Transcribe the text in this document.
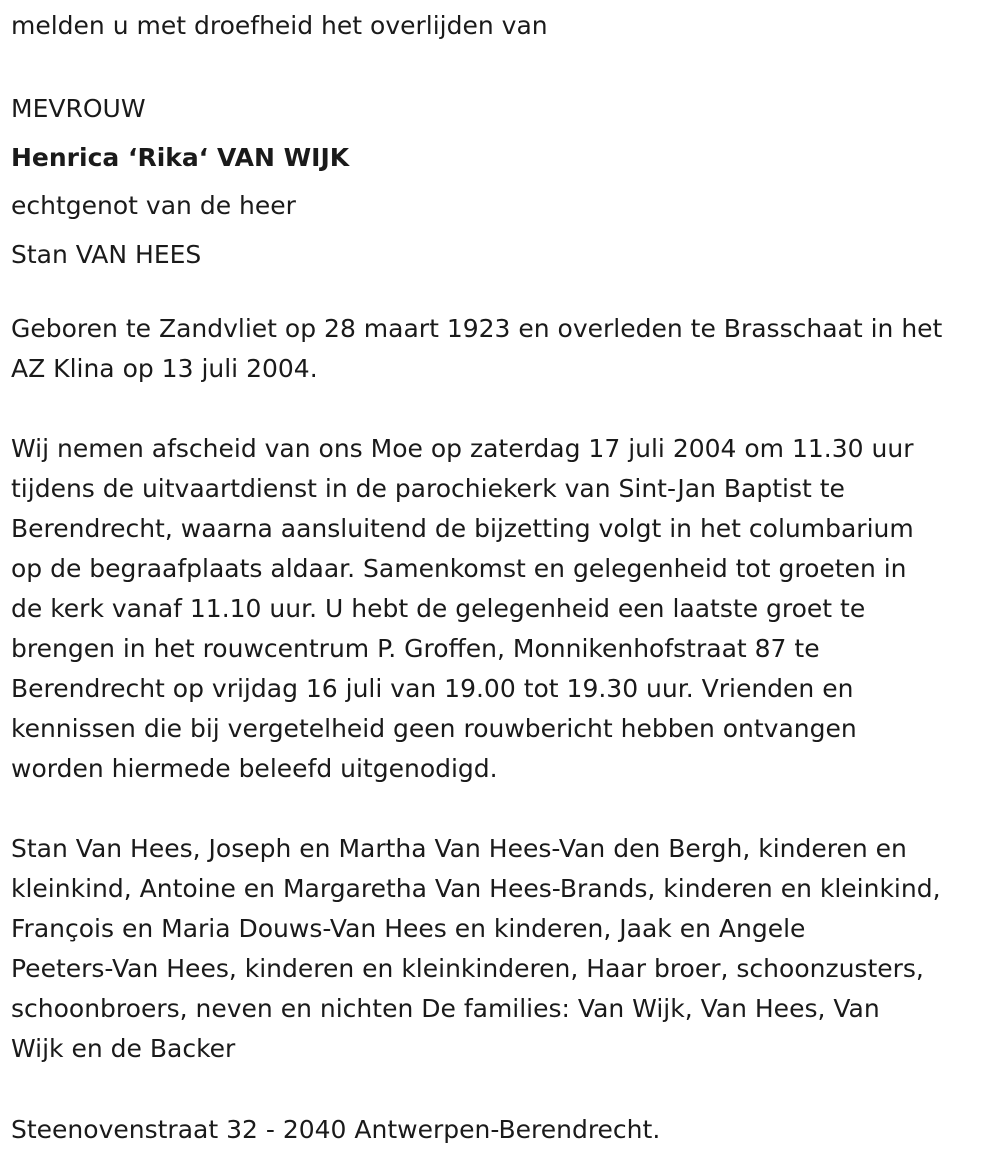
melden u met droefheid het overlijden van

MEVROUW

Henrica ‘Rika‘ VAN WIJK

echtgenot van de heer

Stan VAN HEES

Geboren te Zandvliet op 28 maart 1923 en overleden te Brasschaat in het
AZ Klina op 13 juli 2004.

Wij nemen afscheid van ons Moe op zaterdag 17 juli 2004 om 11.30 uur
tijdens de uitvaartdienst in de parochiekerk van Sint-Jan Baptist te
Berendrecht, waarna aansluitend de bijzetting volgt in het columbarium
op de begraafplaats aldaar. Samenkomst en gelegenheid tot groeten in
de kerk vanaf 11.10 uur. U hebt de gelegenheid een laatste groet te
brengen in het rouwcentrum P. Groffen, Monnikenhofstraat 87 te
Berendrecht op vrijdag 16 juli van 19.00 tot 19.30 uur. Vrienden en
kennissen die bij vergetelheid geen rouwbericht hebben ontvangen
worden hiermede beleefd uitgenodigd.

Stan Van Hees, Joseph en Martha Van Hees-Van den Bergh, kinderen en
kleinkind, Antoine en Margaretha Van Hees-Brands, kinderen en kleinkind,
François en Maria Douws-Van Hees en kinderen, Jaak en Angele
Peeters-Van Hees, kinderen en kleinkinderen, Haar broer, schoonzusters,
schoonbroers, neven en nichten De families: Van Wijk, Van Hees, Van
Wijk en de Backer

Steenovenstraat 32 - 2040 Antwerpen-Berendrecht.
